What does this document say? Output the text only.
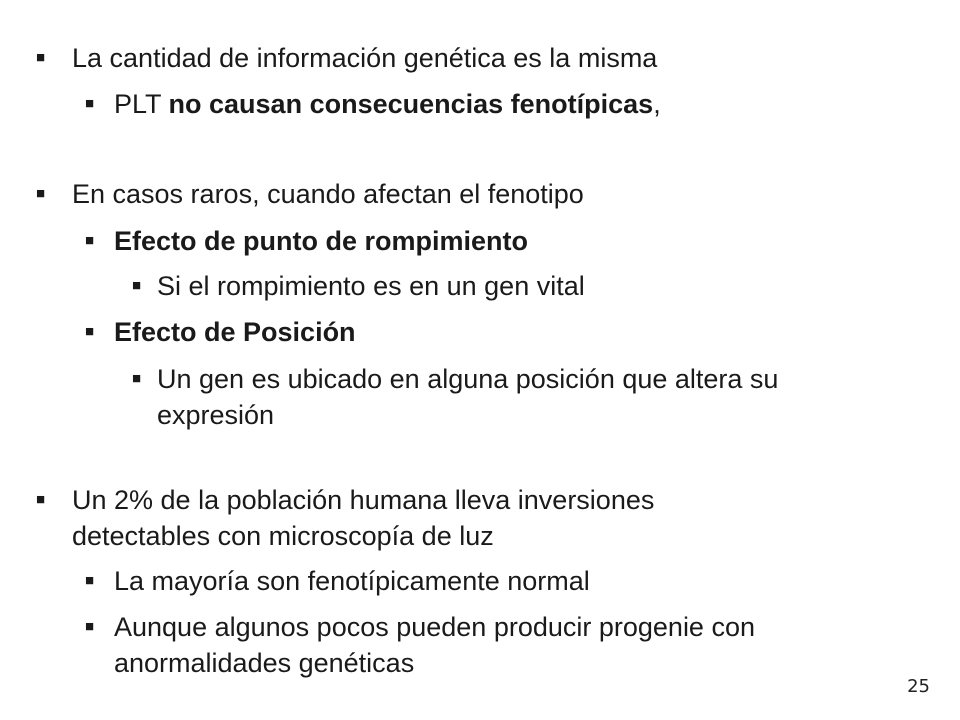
■ La cantidad de información genética es la misma
■ PLT no causan consecuencias fenotípicas,
■ En casos raros, cuando afectan el fenotipo
■ Efecto de punto de rompimiento
■ Si el rompimiento es en un gen vital
■ Efecto de Posición
■ Un gen es ubicado en alguna posición que altera su
expresión
■ Un 2% de la población humana lleva inversiones
detectables con microscopía de luz
■ La mayoría son fenotípicamente normal
■ Aunque algunos pocos pueden producir progenie con
anormalidades genéticas
25
